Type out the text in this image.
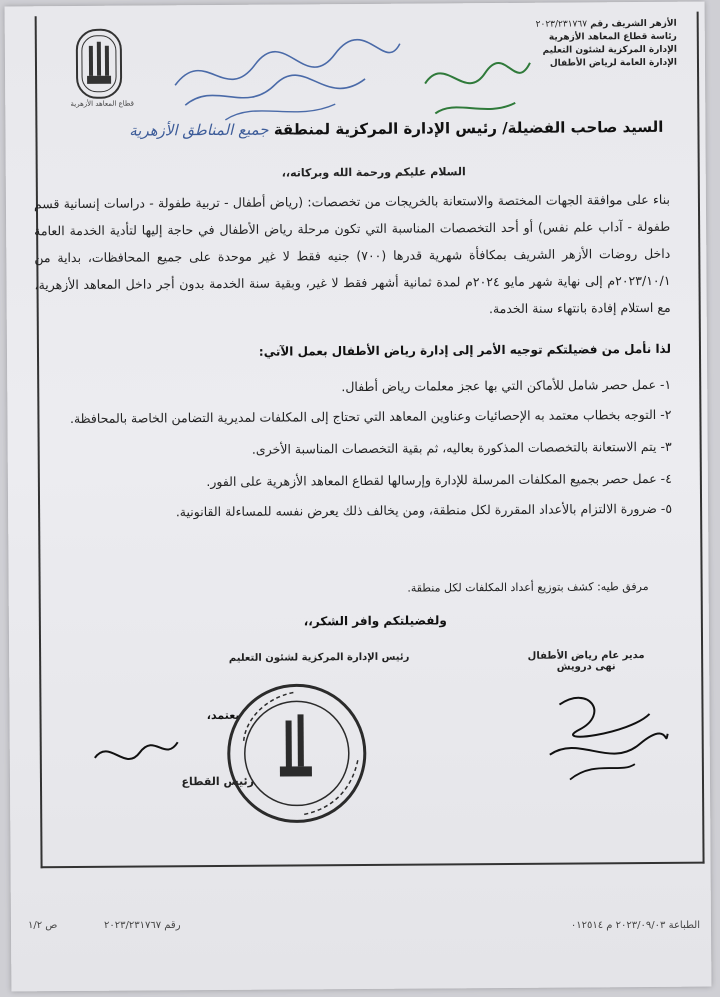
الأزهر الشريف رقم ٢٠٢٣/٢٣١٧٦٧
رئاسة قطاع المعاهد الأزهرية
الإدارة المركزية لشئون التعليم
الإدارة العامة لرياض الأطفال
قطاع المعاهد الأزهرية
السيد صاحب الفضيلة/ رئيس الإدارة المركزية لمنطقة جميع المناطق الأزهرية
السلام عليكم ورحمة الله وبركاته،،
بناء على موافقة الجهات المختصة والاستعانة بالخريجات من تخصصات: (رياض أطفال - تربية طفولة - دراسات إنسانية قسم طفولة - آداب علم نفس) أو أحد التخصصات المناسبة التي تكون مرحلة رياض الأطفال في حاجة إليها لتأدية الخدمة العامة داخل روضات الأزهر الشريف بمكافأة شهرية قدرها (٧٠٠) جنيه فقط لا غير موحدة على جميع المحافظات، بداية من ٢٠٢٣/١٠/١م إلى نهاية شهر مايو ٢٠٢٤م لمدة ثمانية أشهر فقط لا غير، وبقية سنة الخدمة بدون أجر داخل المعاهد الأزهرية، مع استلام إفادة بانتهاء سنة الخدمة.
لذا نأمل من فضيلتكم توجيه الأمر إلى إدارة رياض الأطفال بعمل الآتي:
١- عمل حصر شامل للأماكن التي بها عجز معلمات رياض أطفال.
٢- التوجه بخطاب معتمد به الإحصائيات وعناوين المعاهد التي تحتاج إلى المكلفات لمديرية التضامن الخاصة بالمحافظة.
٣- يتم الاستعانة بالتخصصات المذكورة بعاليه، ثم بقية التخصصات المناسبة الأخرى.
٤- عمل حصر بجميع المكلفات المرسلة للإدارة وإرسالها لقطاع المعاهد الأزهرية على الفور.
٥- ضرورة الالتزام بالأعداد المقررة لكل منطقة، ومن يخالف ذلك يعرض نفسه للمساءلة القانونية.
مرفق طيه: كشف بتوزيع أعداد المكلفات لكل منطقة.
ولفضيلتكم وافر الشكر،،
مدير عام رياض الأطفال
نهى درويش
رئيس الإدارة المركزية لشئون التعليم
يعتمد،
رئيس القطاع
الطباعة ٢٠٢٣/٠٩/٠٣ م ٠١٢٥١٤
رقم ٢٠٢٣/٢٣١٧٦٧
ص ١/٢
